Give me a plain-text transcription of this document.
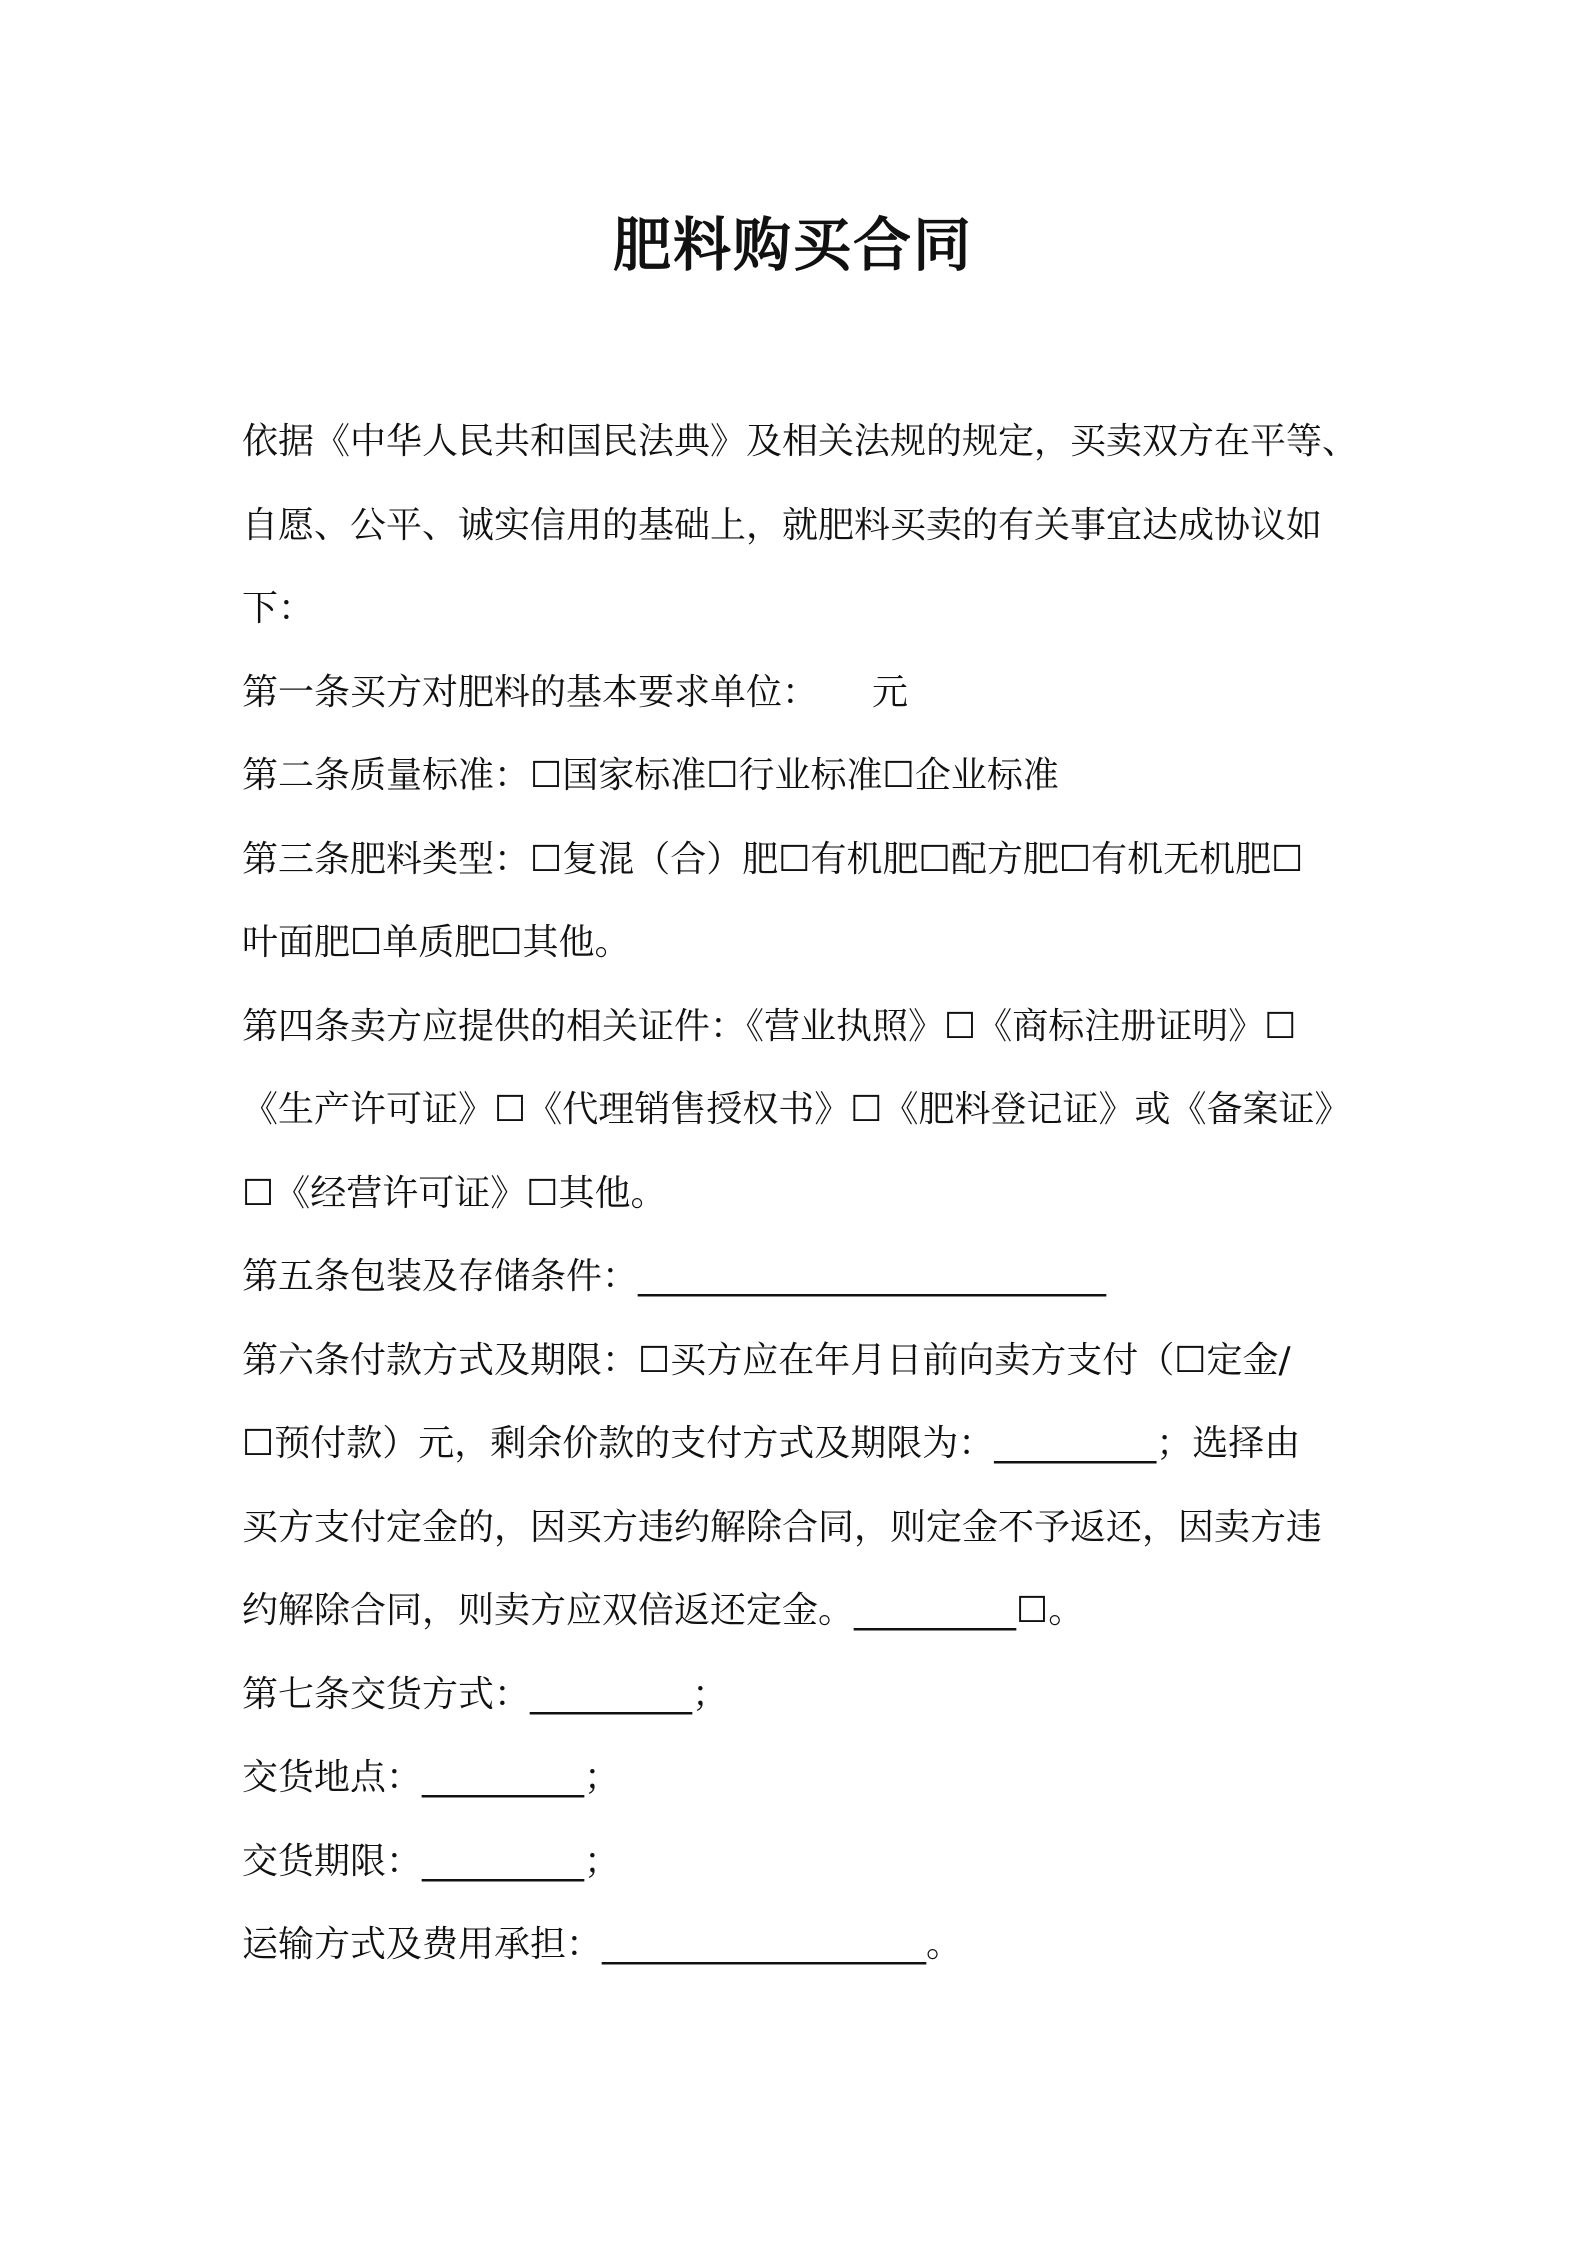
肥料购买合同
依据《中华人民共和国民法典》及相关法规的规定，买卖双方在平等、
自愿、公平、诚实信用的基础上，就肥料买卖的有关事宜达成协议如
下：
第一条买方对肥料的基本要求单位：　　元
第二条质量标准：☐国家标准☐行业标准☐企业标准
第三条肥料类型：☐复混（合）肥☐有机肥☐配方肥☐有机无机肥☐
叶面肥☐单质肥☐其他。
第四条卖方应提供的相关证件：《营业执照》☐《商标注册证明》☐
《生产许可证》☐《代理销售授权书》☐《肥料登记证》或《备案证》
☐《经营许可证》☐其他。
第五条包装及存储条件：__________________________
第六条付款方式及期限：☐买方应在年月日前向卖方支付（☐定金/
☐预付款）元，剩余价款的支付方式及期限为：_________；选择由
买方支付定金的，因买方违约解除合同，则定金不予返还，因卖方违
约解除合同，则卖方应双倍返还定金。_________☐。
第七条交货方式：_________；
交货地点：_________；
交货期限：_________；
运输方式及费用承担：__________________。
